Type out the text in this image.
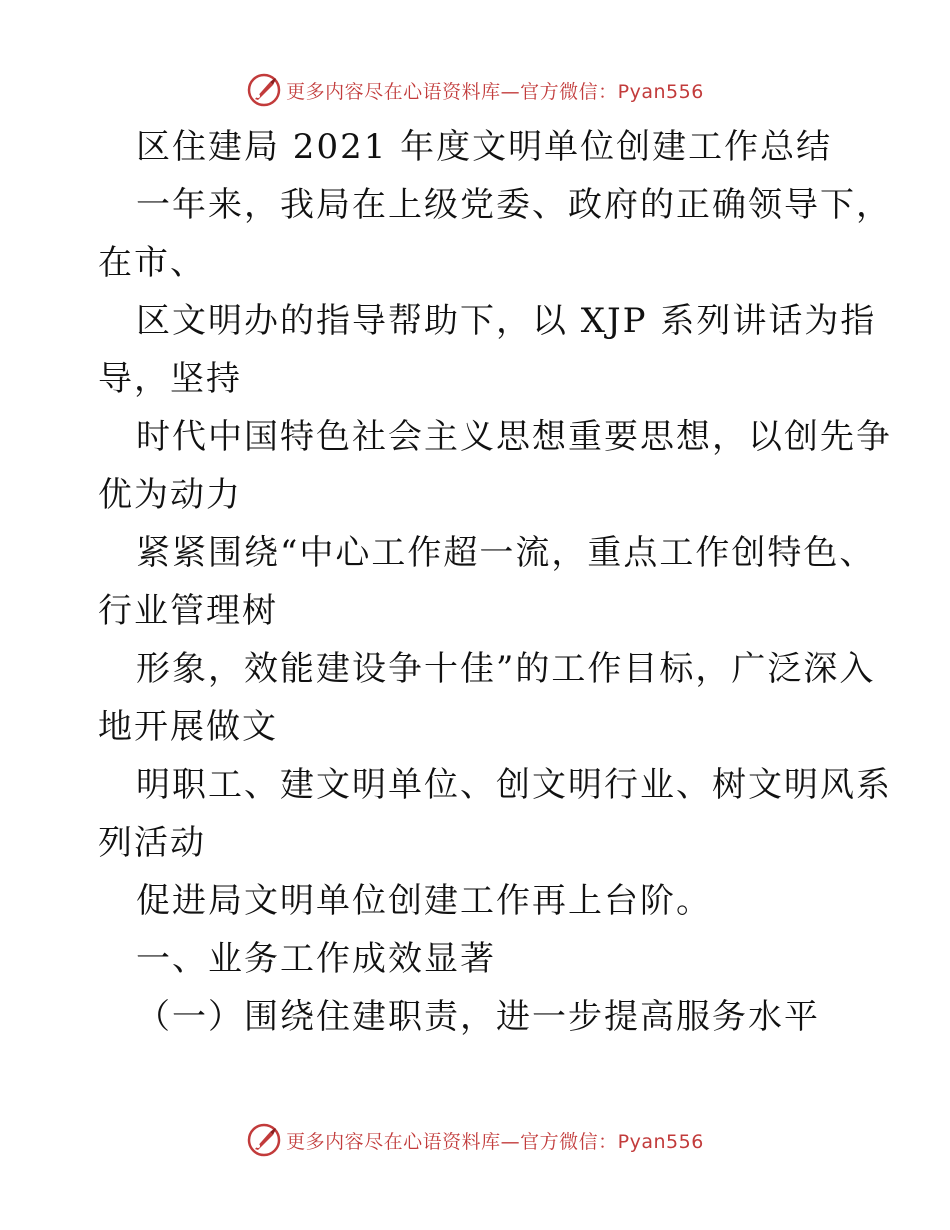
更多内容尽在心语资料库—官方微信：Pyan556
区住建局 2021 年度文明单位创建工作总结
一年来，我局在上级党委、政府的正确领导下，
在市、
区文明办的指导帮助下，以 XJP 系列讲话为指
导，坚持
时代中国特色社会主义思想重要思想，以创先争
优为动力
紧紧围绕“中心工作超一流，重点工作创特色、
行业管理树
形象，效能建设争十佳”的工作目标，广泛深入
地开展做文
明职工、建文明单位、创文明行业、树文明风系
列活动
促进局文明单位创建工作再上台阶。
一、业务工作成效显著
（一）围绕住建职责，进一步提高服务水平
更多内容尽在心语资料库—官方微信：Pyan556
